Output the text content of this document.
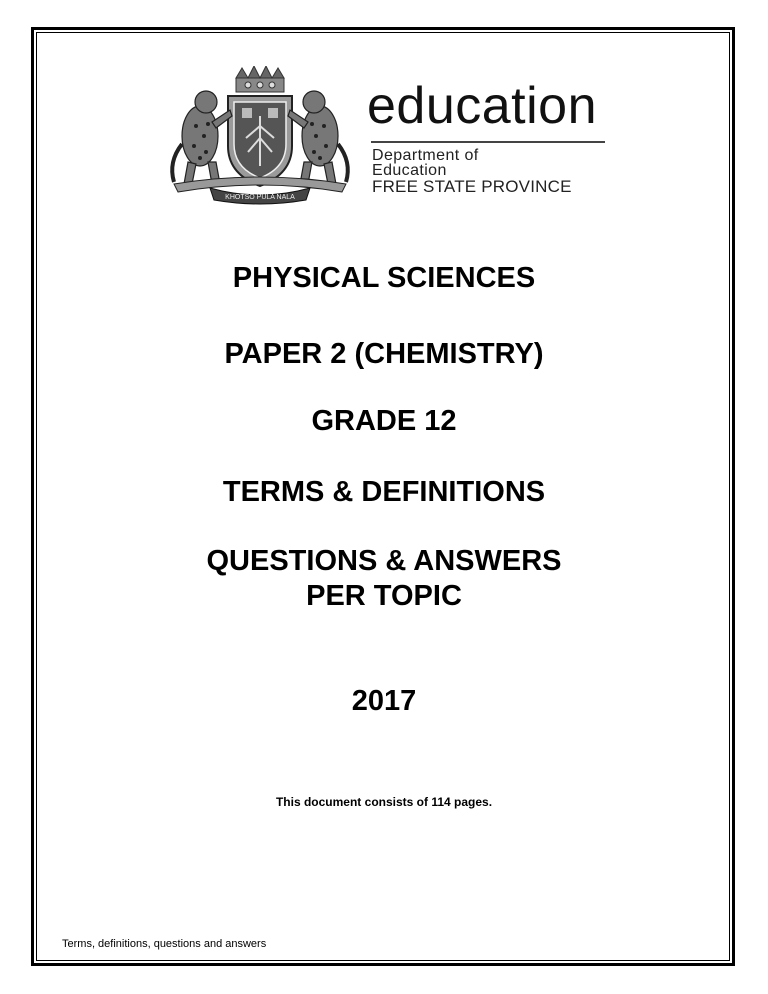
KHOTSO PULA NALA
education
Department of
Education
FREE STATE PROVINCE
PHYSICAL SCIENCES
PAPER 2 (CHEMISTRY)
GRADE 12
TERMS & DEFINITIONS
QUESTIONS & ANSWERS
PER TOPIC
2017
This document consists of 114 pages.
Terms, definitions, questions and answers
